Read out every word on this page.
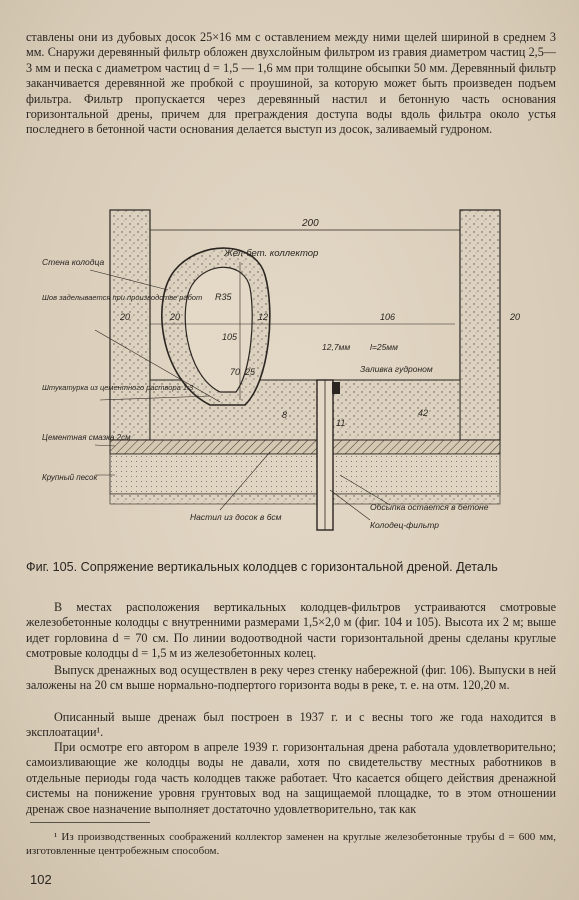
ставлены они из дубовых досок 25×16 мм с оставлением между ними щелей шириной в среднем 3 мм. Снаружи деревянный фильтр обложен двухслойным фильтром из гравия диаметром частиц 2,5—3 мм и песка с диаметром частиц d = 1,5 — 1,6 мм при толщине обсыпки 50 мм. Деревянный фильтр заканчивается деревянной же пробкой с проушиной, за которую может быть произведен подъем фильтра. Фильтр пропускается через деревянный настил и бетонную часть основания горизонтальной дрены, причем для преграждения доступа воды вдоль фильтра около устья последнего в бетонной части основания делается выступ из досок, заливаемый гудроном.

200
Жел-бет. коллектор
Стена колодца
Шов заделывается при производстве работ
Штукатурка из цементного раствора 1:3
Цементная смазка 2см
Крупный песок
20	20
R35
105
12
70 25
106	20
12,7мм l=25мм
Заливка гудроном
8
11
42
Настил из досок в 6см
Обсыпка остается в бетоне
Колодец-фильтр

Фиг. 105. Сопряжение вертикальных колодцев с горизонтальной дреной. Деталь

В местах расположения вертикальных колодцев-фильтров устраиваются смотровые железобетонные колодцы с внутренними размерами 1,5×2,0 м (фиг. 104 и 105). Высота их 2 м; выше идет горловина d = 70 см. По линии водоотводной части горизонтальной дрены сделаны круглые смотровые колодцы d = 1,5 м из железобетонных колец.

Выпуск дренажных вод осуществлен в реку через стенку набережной (фиг. 106). Выпуски в ней заложены на 20 см выше нормально-подпертого горизонта воды в реке, т. е. на отм. 120,20 м.

Описанный выше дренаж был построен в 1937 г. и с весны того же года находится в эксплоатации¹.

При осмотре его автором в апреле 1939 г. горизонтальная дрена работала удовлетворительно; самоизливающие же колодцы воды не давали, хотя по свидетельству местных работников в отдельные периоды года часть колодцев также работает. Что касается общего действия дренажной системы на понижение уровня грунтовых вод на защищаемой площадке, то в этом отношении дренаж свое назначение выполняет достаточно удовлетворительно, так как

¹ Из производственных соображений коллектор заменен на круглые железобетонные трубы d = 600 мм, изготовленные центробежным способом.

102
